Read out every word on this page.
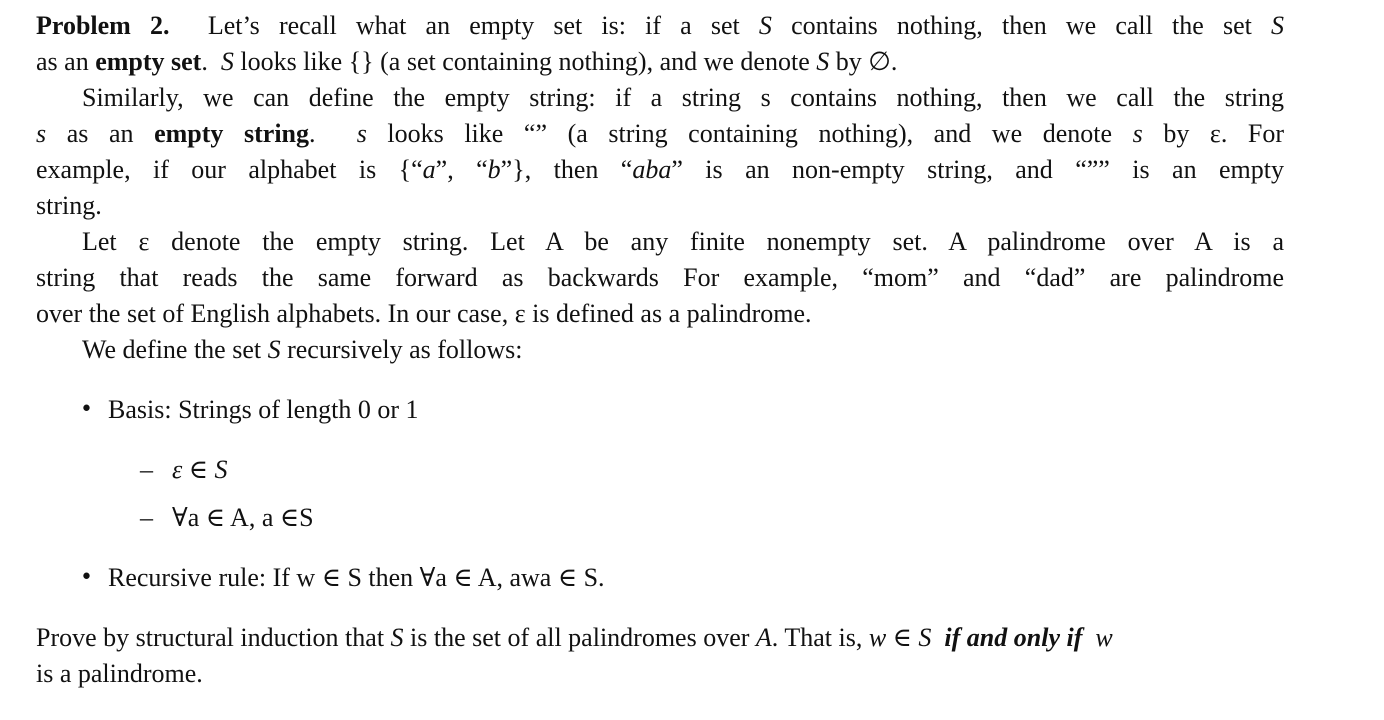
Problem 2. Let’s recall what an empty set is: if a set S contains nothing, then we call the set S
as an empty set. S looks like {} (a set containing nothing), and we denote S by ∅.
Similarly, we can define the empty string: if a string s contains nothing, then we call the string
s as an empty string. s looks like “” (a string containing nothing), and we denote s by ε. For
example, if our alphabet is {“a”, “b”}, then “aba” is an non-empty string, and “”” is an empty
string.
Let ε denote the empty string. Let A be any finite nonempty set. A palindrome over A is a
string that reads the same forward as backwards For example, “mom” and “dad” are palindrome
over the set of English alphabets. In our case, ε is defined as a palindrome.
We define the set S recursively as follows:
• Basis: Strings of length 0 or 1
– ε ∈ S
– ∀a ∈ A, a ∈S
• Recursive rule: If w ∈ S then ∀a ∈ A, awa ∈ S.
Prove by structural induction that S is the set of all palindromes over A. That is, w ∈ S if and only if w
is a palindrome.
